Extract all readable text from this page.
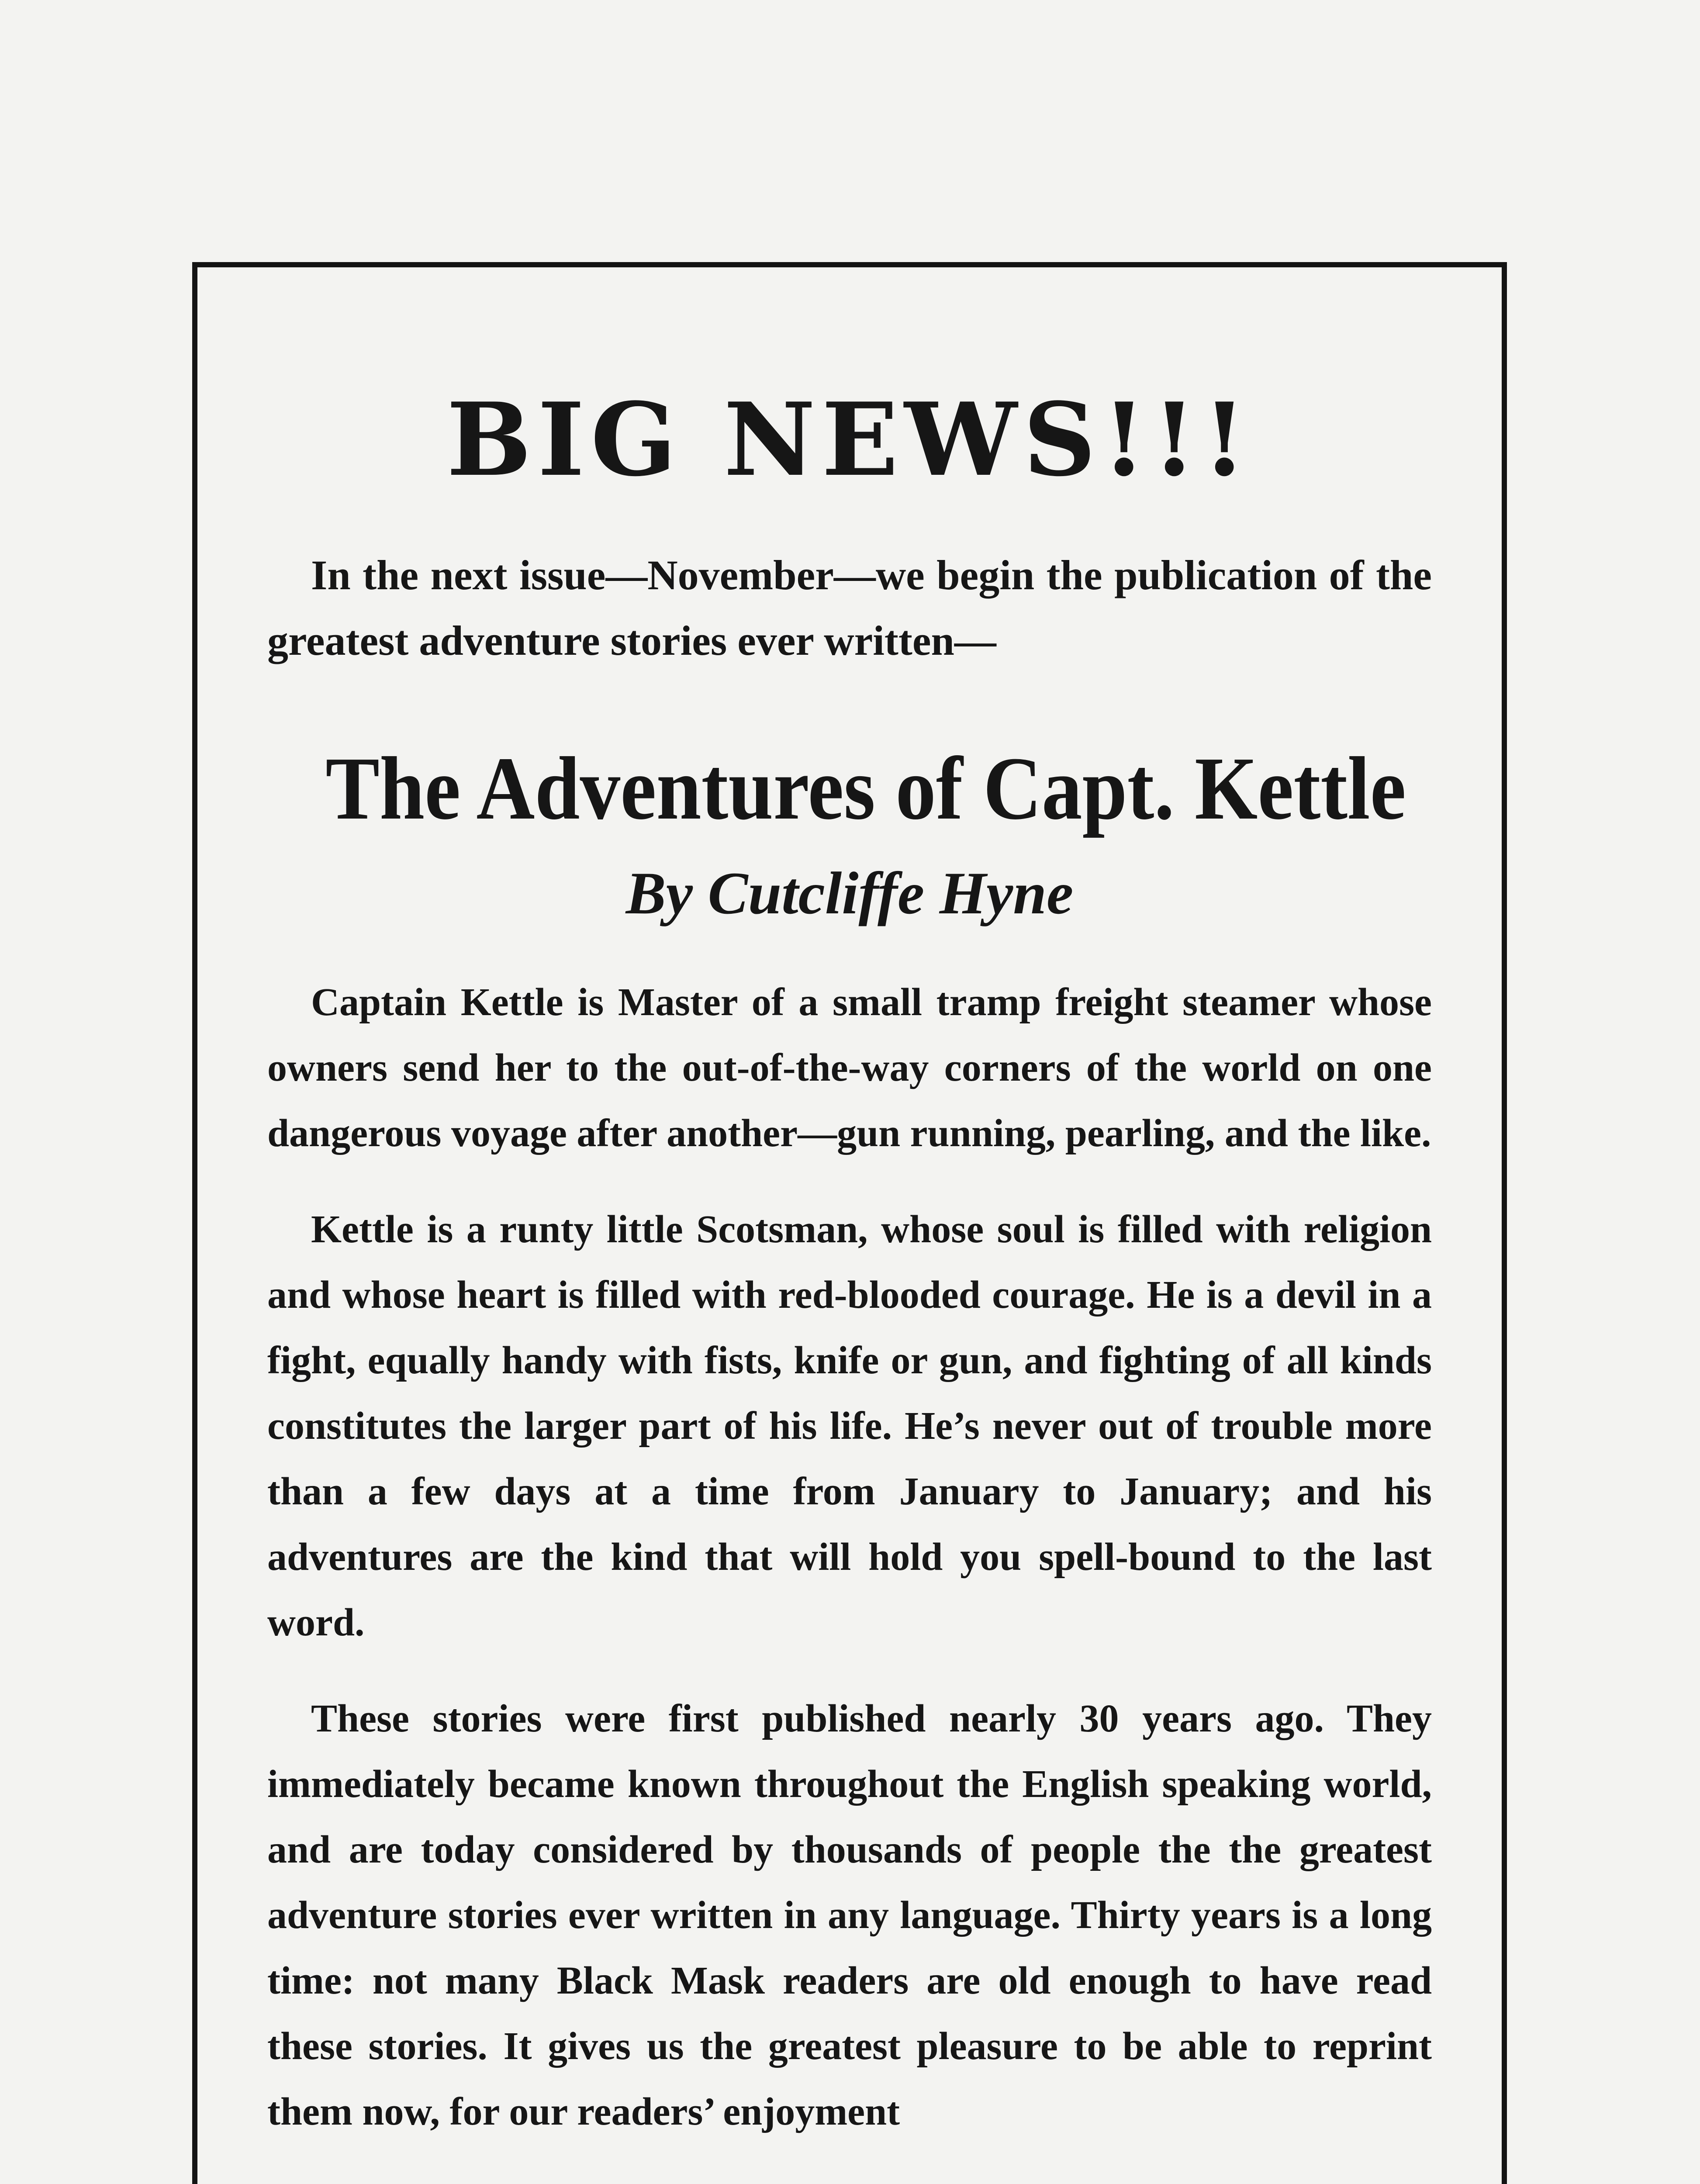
BIG NEWS!!!

In the next issue—November—we begin the publication of the greatest adventure stories ever written—

The Adventures of Capt. Kettle
By Cutcliffe Hyne

Captain Kettle is Master of a small tramp freight steamer whose owners send her to the out-of-the-way corners of the world on one dangerous voyage after another—gun running, pearling, and the like.

Kettle is a runty little Scotsman, whose soul is filled with religion and whose heart is filled with red-blooded courage. He is a devil in a fight, equally handy with fists, knife or gun, and fighting of all kinds constitutes the larger part of his life. He’s never out of trouble more than a few days at a time from January to January; and his adventures are the kind that will hold you spell-bound to the last word.

These stories were first published nearly 30 years ago. They immediately became known throughout the English speaking world, and are today considered by thousands of people the the greatest adventure stories ever written in any language. Thirty years is a long time: not many Black Mask readers are old enough to have read these stories. It gives us the greatest pleasure to be able to reprint them now, for our readers’ enjoyment
